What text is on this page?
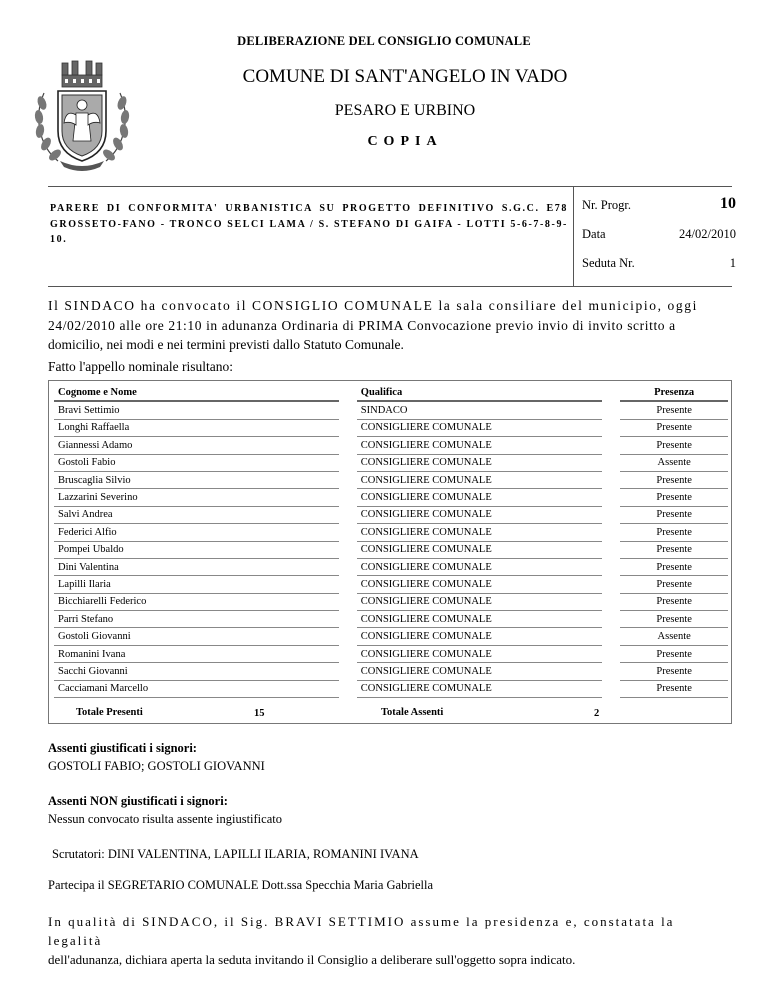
DELIBERAZIONE DEL CONSIGLIO COMUNALE
COMUNE DI SANT'ANGELO IN VADO
PESARO E URBINO
COPIA
PARERE DI CONFORMITA' URBANISTICA SU PROGETTO DEFINITIVO S.G.C. E78 GROSSETO-FANO - TRONCO SELCI LAMA / S. STEFANO DI GAIFA - LOTTI 5-6-7-8-9-10.
Nr. Progr.	10
Data	24/02/2010
Seduta Nr.	1
Il SINDACO ha convocato il CONSIGLIO COMUNALE la sala consiliare del municipio, oggi
24/02/2010 alle ore 21:10 in adunanza Ordinaria di PRIMA Convocazione previo invio di invito scritto a
domicilio, nei modi e nei termini previsti dallo Statuto Comunale.
Fatto l'appello nominale risultano:
Cognome e Nome		Qualifica		Presenza
Bravi Settimio		SINDACO		Presente
Longhi Raffaella		CONSIGLIERE COMUNALE		Presente
Giannessi Adamo		CONSIGLIERE COMUNALE		Presente
Gostoli Fabio		CONSIGLIERE COMUNALE		Assente
Bruscaglia Silvio		CONSIGLIERE COMUNALE		Presente
Lazzarini Severino		CONSIGLIERE COMUNALE		Presente
Salvi Andrea		CONSIGLIERE COMUNALE		Presente
Federici Alfio		CONSIGLIERE COMUNALE		Presente
Pompei Ubaldo		CONSIGLIERE COMUNALE		Presente
Dini Valentina		CONSIGLIERE COMUNALE		Presente
Lapilli Ilaria		CONSIGLIERE COMUNALE		Presente
Bicchiarelli Federico		CONSIGLIERE COMUNALE		Presente
Parri Stefano		CONSIGLIERE COMUNALE		Presente
Gostoli Giovanni		CONSIGLIERE COMUNALE		Assente
Romanini Ivana		CONSIGLIERE COMUNALE		Presente
Sacchi Giovanni		CONSIGLIERE COMUNALE		Presente
Cacciamani Marcello		CONSIGLIERE COMUNALE		Presente
Totale Presenti	15	Totale Assenti	2
Assenti giustificati i signori:
GOSTOLI FABIO; GOSTOLI GIOVANNI
Assenti NON giustificati i signori:
Nessun convocato risulta assente ingiustificato
Scrutatori: DINI VALENTINA, LAPILLI ILARIA, ROMANINI IVANA
Partecipa il SEGRETARIO COMUNALE Dott.ssa Specchia Maria Gabriella
In qualità di SINDACO, il Sig. BRAVI SETTIMIO assume la presidenza e, constatata la legalità
dell'adunanza, dichiara aperta la seduta invitando il Consiglio a deliberare sull'oggetto sopra indicato.
